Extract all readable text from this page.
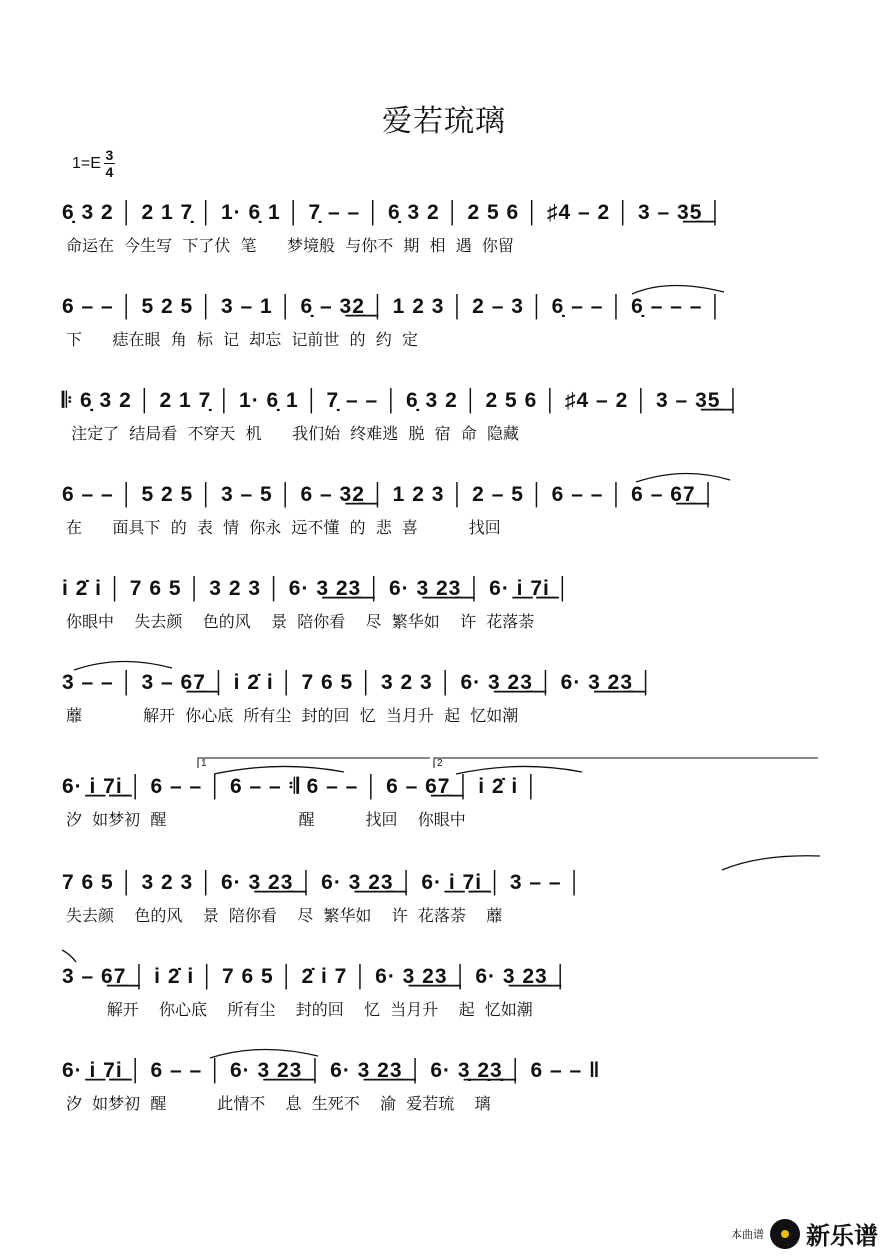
爱若琉璃
$1=E \frac{3}{4}$
6̣ 3 2 │ 2 1 7̣ │ 1· 6̣ 1 │ 7̣ – – │ 6̣ 3 2 │ 2 5 6 │ ♯4 – 2 │ 3 – 3͟5͟ │
命运在  今生写  下了伏  笔      梦境般  与你不  期  相  遇  你留
6 – – │ 5 2 5 │ 3 – 1 │ 6̣ – 3͟2͟ │ 1 2 3 │ 2 – 3 │ 6̣ – – │ 6̣ – – – │
下      痣在眼  角  标  记  却忘  记前世  的  约  定
𝄆 6̣ 3 2 │ 2 1 7̣ │ 1· 6̣ 1 │ 7̣ – – │ 6̣ 3 2 │ 2 5 6 │ ♯4 – 2 │ 3 – 3͟5͟ │
注定了  结局看  不穿天  机      我们始  终难逃  脱  宿  命  隐藏
6 – – │ 5 2 5 │ 3 – 5 │ 6 – 3͟2͟ │ 1 2 3 │ 2 – 5 │ 6 – – │ 6 – 6͟7͟ │
在      面具下  的  表  情  你永  远不懂  的  悲  喜          找回
i 2̇ i │ 7 6 5 │ 3 2 3 │ 6· 3͟ 2͟3͟ │ 6· 3͟ 2͟3͟ │ 6· i͟ 7͟i͟ │
你眼中    失去颜    色的风    景  陪你看    尽  繁华如    许  花落荼
3 – – │ 3 – 6͟7͟ │ i 2̇ i │ 7 6 5 │ 3 2 3 │ 6· 3͟ 2͟3͟ │ 6· 3͟ 2͟3͟ │
蘼            解开  你心底  所有尘  封的回  忆  当月升  起  忆如潮
6· i͟ 7͟i͟ │ 6 – – │ 6 – – 𝄇 6 – – │ 6 – 6͟7͟ │ i 2̇ i │
汐  如梦初  醒                          醒          找回    你眼中
1	2
7 6 5 │ 3 2 3 │ 6· 3͟ 2͟3͟ │ 6· 3͟ 2͟3͟ │ 6· i͟ 7͟i͟ │ 3 – – │
失去颜    色的风    景  陪你看    尽  繁华如    许  花落荼    蘼
3 – 6͟7͟ │ i 2̇ i │ 7 6 5 │ 2̇ i 7 │ 6· 3͟ 2͟3͟ │ 6· 3͟ 2͟3͟ │
解开    你心底    所有尘    封的回    忆  当月升    起  忆如潮
6· i͟ 7͟i͟ │ 6 – – │ 6· 3͟ 2͟3͟ │ 6· 3͟ 2͟3͟ │ 6· 3̣͟ 2̣͟3̣͟ │ 6 – – ‖
汐  如梦初  醒          此情不    息  生死不    渝  爱若琉    璃
本曲谱 新乐谱
